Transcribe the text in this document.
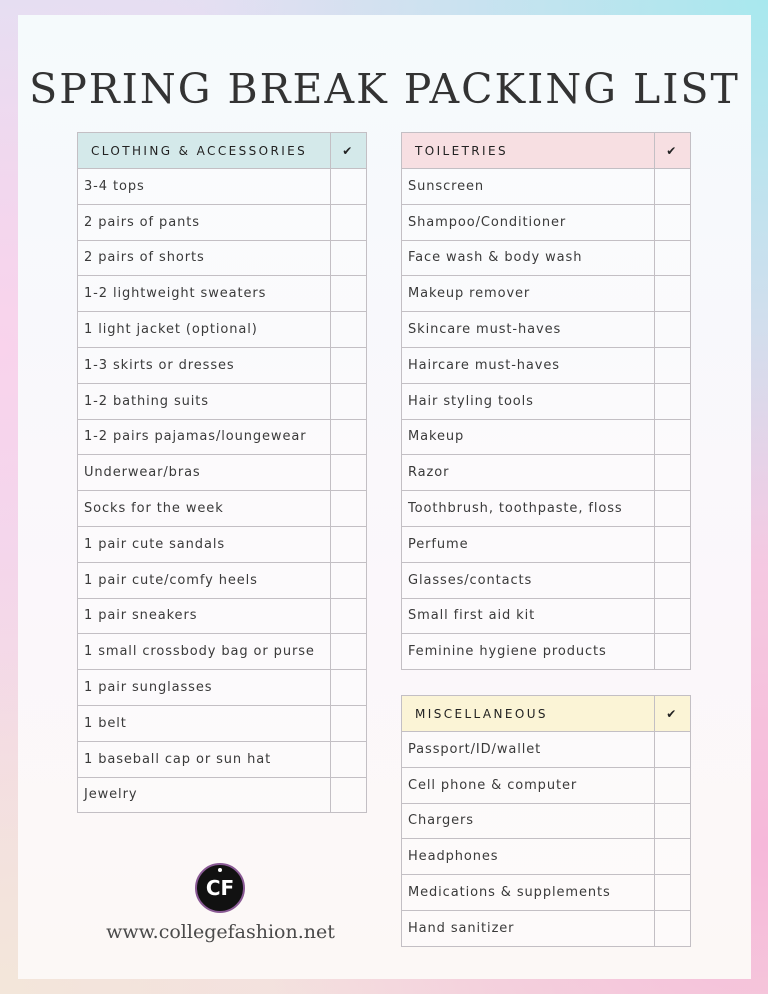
SPRING BREAK PACKING LIST
CLOTHING & ACCESSORIES	✔
3-4 tops	
2 pairs of pants	
2 pairs of shorts	
1-2 lightweight sweaters	
1 light jacket (optional)	
1-3 skirts or dresses	
1-2 bathing suits	
1-2 pairs pajamas/loungewear	
Underwear/bras	
Socks for the week	
1 pair cute sandals	
1 pair cute/comfy heels	
1 pair sneakers	
1 small crossbody bag or purse	
1 pair sunglasses	
1 belt	
1 baseball cap or sun hat	
Jewelry	
TOILETRIES	✔
Sunscreen	
Shampoo/Conditioner	
Face wash & body wash	
Makeup remover	
Skincare must-haves	
Haircare must-haves	
Hair styling tools	
Makeup	
Razor	
Toothbrush, toothpaste, floss	
Perfume	
Glasses/contacts	
Small first aid kit	
Feminine hygiene products	
MISCELLANEOUS	✔
Passport/ID/wallet	
Cell phone & computer	
Chargers	
Headphones	
Medications & supplements	
Hand sanitizer	
CF
www.collegefashion.net
